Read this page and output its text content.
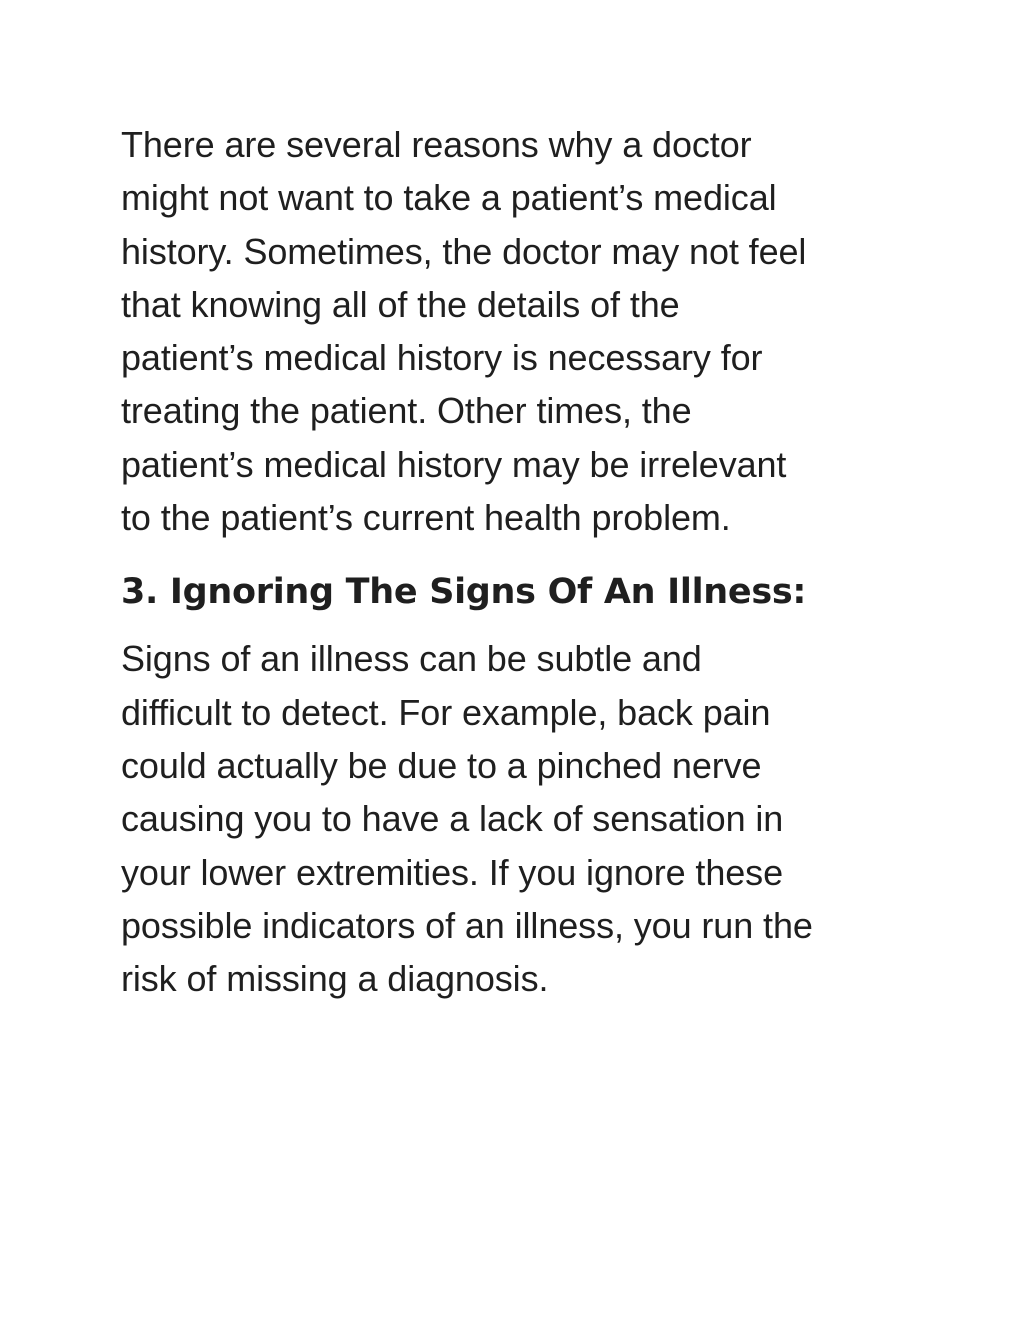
There are several reasons why a doctor
might not want to take a patient’s medical
history. Sometimes, the doctor may not feel
that knowing all of the details of the
patient’s medical history is necessary for
treating the patient. Other times, the
patient’s medical history may be irrelevant
to the patient’s current health problem.

3. Ignoring The Signs Of An Illness:

Signs of an illness can be subtle and
difficult to detect. For example, back pain
could actually be due to a pinched nerve
causing you to have a lack of sensation in
your lower extremities. If you ignore these
possible indicators of an illness, you run the
risk of missing a diagnosis.
